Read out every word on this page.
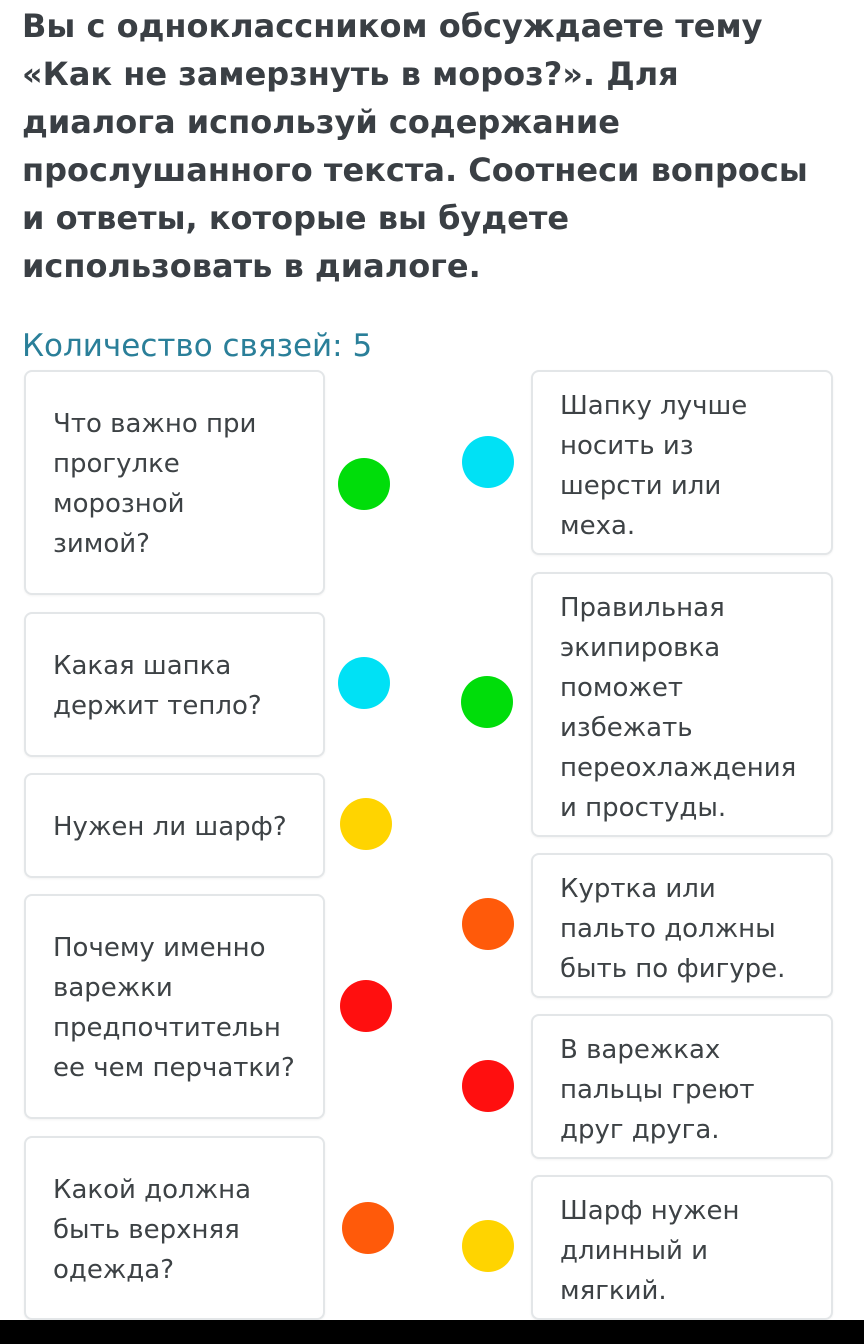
Вы с одноклассником обсуждаете тему
«Как не замерзнуть в мороз?». Для
диалога используй содержание
прослушанного текста. Соотнеси вопросы
и ответы, которые вы будете
использовать в диалоге.
Количество связей: 5
Что важно при
прогулке
морозной
зимой?
Какая шапка
держит тепло?
Нужен ли шарф?
Почему именно
варежки
предпочтительн
ее чем перчатки?
Какой должна
быть верхняя
одежда?
Шапку лучше
носить из
шерсти или
меха.
Правильная
экипировка
поможет
избежать
переохлаждения
и простуды.
Куртка или
пальто должны
быть по фигуре.
В варежках
пальцы греют
друг друга.
Шарф нужен
длинный и
мягкий.
